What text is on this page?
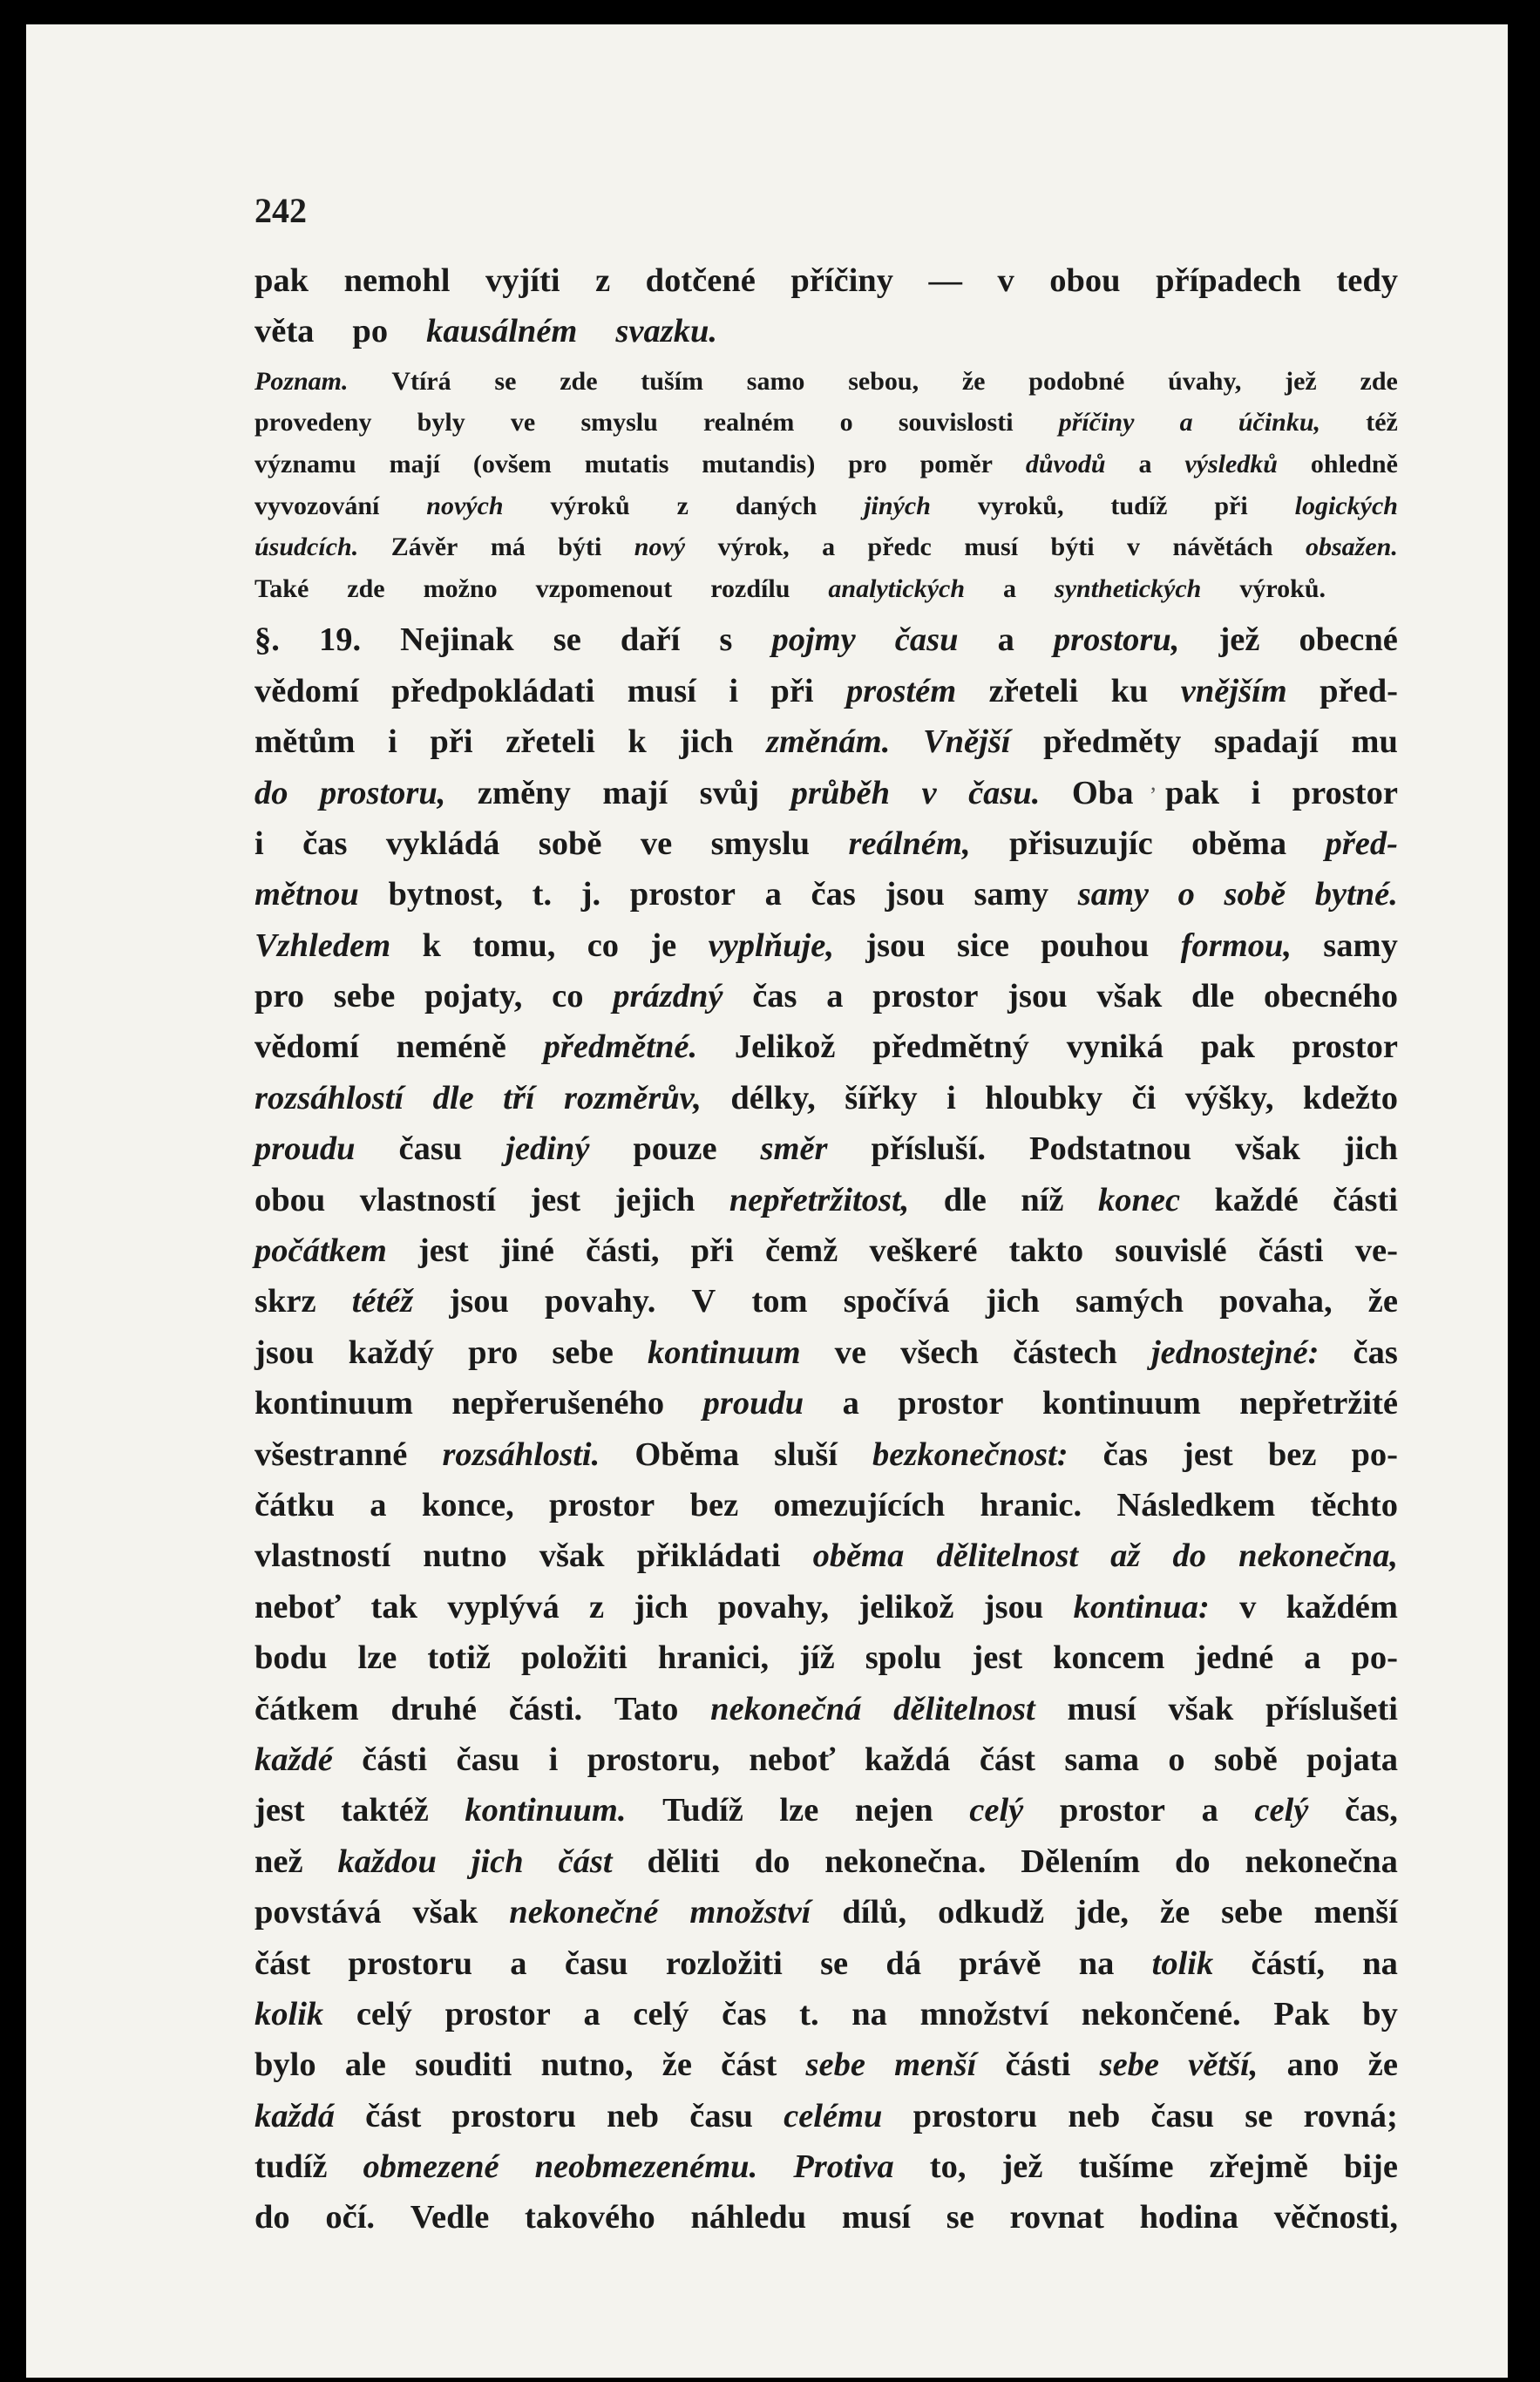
242
pak nemohl vyjíti z dotčené příčiny — v obou případech tedy
věta	po	kausálném	svazku.
Poznam. Vtírá se zde tuším samo sebou, že podobné úvahy, jež zde
provedeny byly ve smyslu realném o souvislosti příčiny a účinku, též
významu mají (ovšem mutatis mutandis) pro poměr důvodů a výsledků ohledně
vyvozování nových výroků z daných jiných vyroků, tudíž při logických
úsudcích. Závěr má býti nový výrok, a předc musí býti v návětách obsažen.
Také	zde	možno	vzpomenout	rozdílu	analytických	a	synthetických	výroků.
§. 19. Nejinak se daří s pojmy času a prostoru, jež obecné
vědomí předpokládati musí i při prostém zřeteli ku vnějším před-
mětům i při zřeteli k jich změnám. Vnější předměty spadají mu
do prostoru, změny mají svůj průběh v času. Oba pak i prostor
i čas vykládá sobě ve smyslu reálném, přisuzujíc oběma před-
mětnou bytnost, t. j. prostor a čas jsou samy samy o sobě bytné.
Vzhledem k tomu, co je vyplňuje, jsou sice pouhou formou, samy
pro sebe pojaty, co prázdný čas a prostor jsou však dle obecného
vědomí neméně předmětné. Jelikož předmětný vyniká pak prostor
rozsáhlostí dle tří rozměrův, délky, šířky i hloubky či výšky, kdežto
proudu času jediný pouze směr přísluší. Podstatnou však jich
obou vlastností jest jejich nepřetržitost, dle níž konec každé části
počátkem jest jiné části, při čemž veškeré takto souvislé části ve-
skrz tétéž jsou povahy. V tom spočívá jich samých povaha, že
jsou každý pro sebe kontinuum ve všech částech jednostejné: čas
kontinuum nepřerušeného proudu a prostor kontinuum nepřetržité
všestranné rozsáhlosti. Oběma sluší bezkonečnost: čas jest bez po-
čátku a konce, prostor bez omezujících hranic. Následkem těchto
vlastností nutno však přikládati oběma dělitelnost až do nekonečna,
neboť tak vyplývá z jich povahy, jelikož jsou kontinua: v každém
bodu lze totiž položiti hranici, jíž spolu jest koncem jedné a po-
čátkem druhé části. Tato nekonečná dělitelnost musí však příslušeti
každé části času i prostoru, neboť každá část sama o sobě pojata
jest taktéž kontinuum. Tudíž lze nejen celý prostor a celý čas,
než každou jich část děliti do nekonečna. Dělením do nekonečna
povstává však nekonečné množství dílů, odkudž jde, že sebe menší
část prostoru a času rozložiti se dá právě na tolik částí, na
kolik celý prostor a celý čas t. na množství nekončené. Pak by
bylo ale souditi nutno, že část sebe menší části sebe větší, ano že
každá část prostoru neb času celému prostoru neb času se rovná;
tudíž obmezené neobmezenému. Protiva to, jež tušíme zřejmě bije
do očí. Vedle takového náhledu musí se rovnat hodina věčnosti,
,
